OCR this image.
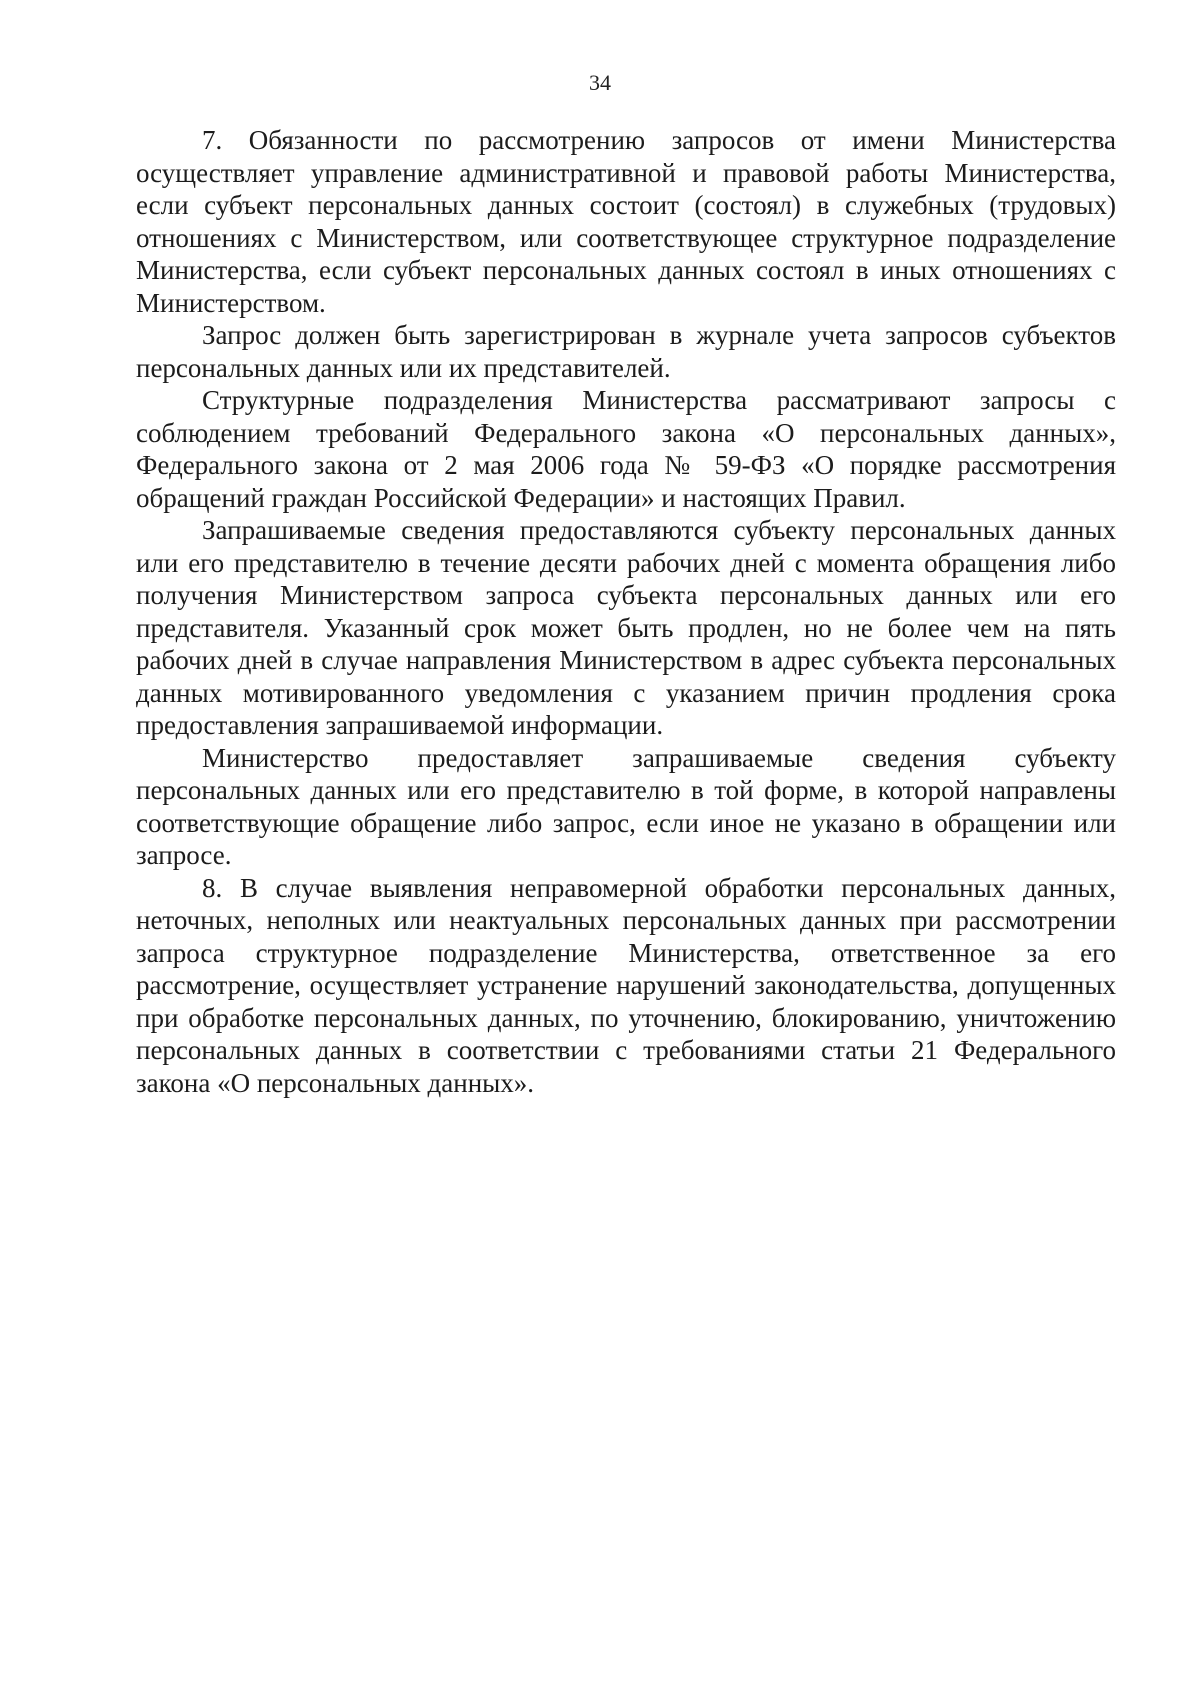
34

7. Обязанности по рассмотрению запросов от имени Министерства осуществляет управление административной и правовой работы Министерства, если субъект персональных данных состоит (состоял) в служебных (трудовых) отношениях с Министерством, или соответствующее структурное подразделение Министерства, если субъект персональных данных состоял в иных отношениях с Министерством.

Запрос должен быть зарегистрирован в журнале учета запросов субъектов персональных данных или их представителей.

Структурные подразделения Министерства рассматривают запросы с соблюдением требований Федерального закона «О персональных данных», Федерального закона от 2 мая 2006 года № 59-ФЗ «О порядке рассмотрения обращений граждан Российской Федерации» и настоящих Правил.

Запрашиваемые сведения предоставляются субъекту персональных данных или его представителю в течение десяти рабочих дней с момента обращения либо получения Министерством запроса субъекта персональных данных или его представителя. Указанный срок может быть продлен, но не более чем на пять рабочих дней в случае направления Министерством в адрес субъекта персональных данных мотивированного уведомления с указанием причин продления срока предоставления запрашиваемой информации.

Министерство предоставляет запрашиваемые сведения субъекту персональных данных или его представителю в той форме, в которой направлены соответствующие обращение либо запрос, если иное не указано в обращении или запросе.

8. В случае выявления неправомерной обработки персональных данных, неточных, неполных или неактуальных персональных данных при рассмотрении запроса структурное подразделение Министерства, ответственное за его рассмотрение, осуществляет устранение нарушений законодательства, допущенных при обработке персональных данных, по уточнению, блокированию, уничтожению персональных данных в соответствии с требованиями статьи 21 Федерального закона «О персональных данных».
